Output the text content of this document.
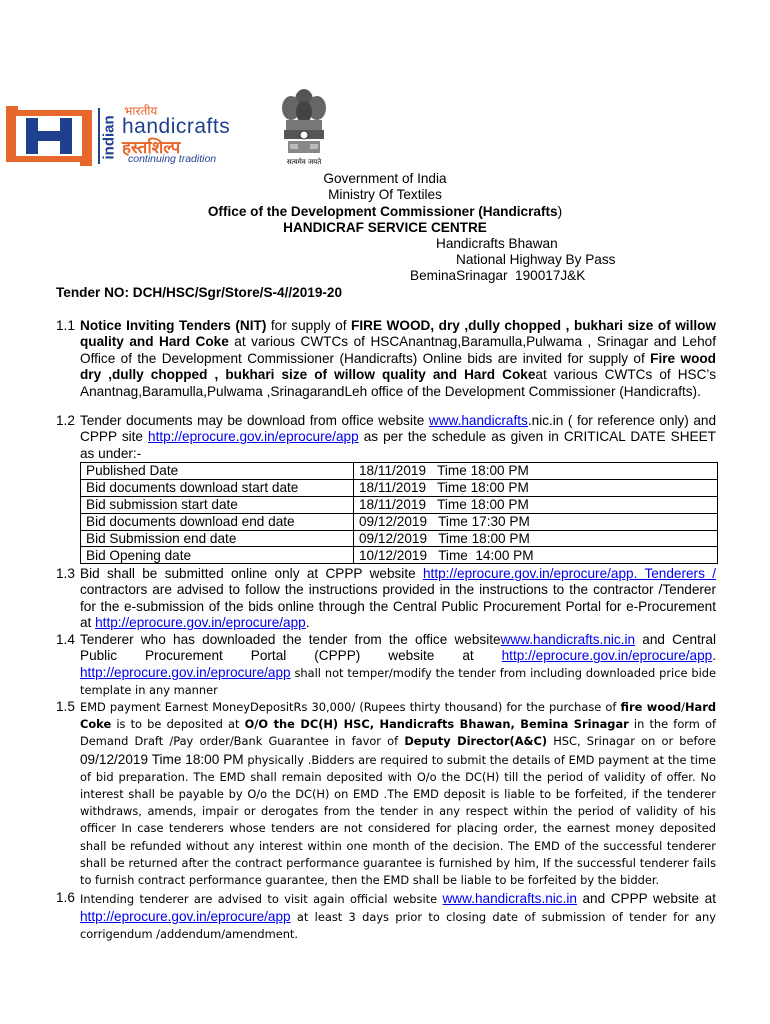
indian
भारतीय
handicrafts
हस्तशिल्प
continuing tradition	सत्यमेव जयते
Government of India
Ministry Of Textiles
Office of the Development Commissioner (Handicrafts)
HANDICRAF SERVICE CENTRE
Handicrafts Bhawan
National Highway By Pass
BeminaSrinagar  190017J&K
Tender NO: DCH/HSC/Sgr/Store/S-4//2019-20
1.1 Notice Inviting Tenders (NIT) for supply of FIRE WOOD, dry ,dully chopped , bukhari size of willow quality and Hard Coke at various CWTCs of HSCAnantnag,Baramulla,Pulwama , Srinagar and Lehof Office of the Development Commissioner (Handicrafts) Online bids are invited for supply of Fire wood dry ,dully chopped , bukhari size of willow quality and Hard Cokeat various CWTCs of HSC’s Anantnag,Baramulla,Pulwama ,SrinagarandLeh office of the Development Commissioner (Handicrafts).
1.2 Tender documents may be download from office website www.handicrafts.nic.in ( for reference only) and CPPP site http://eprocure.gov.in/eprocure/app as per the schedule as given in CRITICAL DATE SHEET as under:-
Published Date	18/11/2019   Time 18:00 PM
Bid documents download start date	18/11/2019   Time 18:00 PM
Bid submission start date	18/11/2019   Time 18:00 PM
Bid documents download end date	09/12/2019   Time 17:30 PM
Bid Submission end date	09/12/2019   Time 18:00 PM
Bid Opening date	10/12/2019   Time  14:00 PM
1.3 Bid shall be submitted online only at CPPP website http://eprocure.gov.in/eprocure/app. Tenderers / contractors are advised to follow the instructions provided in the instructions to the contractor /Tenderer for the e-submission of the bids online through the Central Public Procurement Portal for e-Procurement at http://eprocure.gov.in/eprocure/app.
1.4 Tenderer who has downloaded the tender from the office websitewww.handicrafts.nic.in and Central Public   Procurement   Portal   (CPPP)   website   at   http://eprocure.gov.in/eprocure/app. http://eprocure.gov.in/eprocure/app shall not temper/modify the tender from including downloaded price bide template in any manner
1.5 EMD payment Earnest MoneyDepositRs 30,000/ (Rupees thirty thousand) for the purchase of fire wood/Hard Coke is to be deposited at O/O the DC(H) HSC, Handicrafts Bhawan, Bemina Srinagar in the form of Demand Draft /Pay order/Bank Guarantee in favor of Deputy Director(A&C) HSC, Srinagar on or before 09/12/2019 Time 18:00 PM physically .Bidders are required to submit the details of EMD payment at the time of bid preparation. The EMD shall remain deposited with O/o the DC(H) till the period of validity of offer. No interest shall be payable by O/o the DC(H) on EMD .The EMD deposit is liable to be forfeited, if the tenderer withdraws, amends, impair or derogates from the tender in any respect within the period of validity of his officer In case tenderers whose tenders are not considered for placing order, the earnest money deposited shall be refunded without any interest within one month of the decision. The EMD of the successful tenderer shall be returned after the contract performance guarantee is furnished by him, If the successful tenderer fails to furnish contract performance guarantee, then the EMD shall be liable to be forfeited by the bidder.
1.6 Intending tenderer are advised to visit again official website www.handicrafts.nic.in and CPPP website at http://eprocure.gov.in/eprocure/app at least 3 days prior to closing date of submission of tender for any corrigendum /addendum/amendment.
